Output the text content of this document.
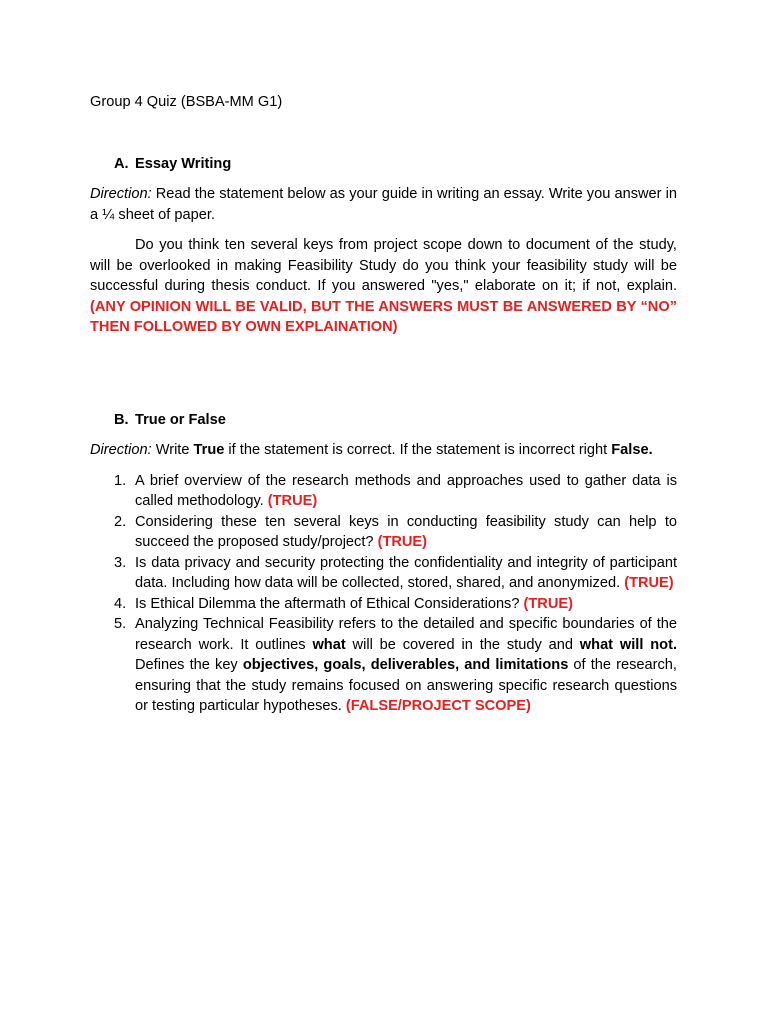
Group 4 Quiz (BSBA-MM G1)

A. Essay Writing

Direction: Read the statement below as your guide in writing an essay. Write you answer in a ¼ sheet of paper.

Do you think ten several keys from project scope down to document of the study, will be overlooked in making Feasibility Study do you think your feasibility study will be successful during thesis conduct. If you answered "yes," elaborate on it; if not, explain. (ANY OPINION WILL BE VALID, BUT THE ANSWERS MUST BE ANSWERED BY “NO” THEN FOLLOWED BY OWN EXPLAINATION)

B. True or False

Direction: Write True if the statement is correct. If the statement is incorrect right False.

1. A brief overview of the research methods and approaches used to gather data is called methodology. (TRUE)
2. Considering these ten several keys in conducting feasibility study can help to succeed the proposed study/project? (TRUE)
3. Is data privacy and security protecting the confidentiality and integrity of participant data. Including how data will be collected, stored, shared, and anonymized. (TRUE)
4. Is Ethical Dilemma the aftermath of Ethical Considerations? (TRUE)
5. Analyzing Technical Feasibility refers to the detailed and specific boundaries of the research work. It outlines what will be covered in the study and what will not. Defines the key objectives, goals, deliverables, and limitations of the research, ensuring that the study remains focused on answering specific research questions or testing particular hypotheses. (FALSE/PROJECT SCOPE)
